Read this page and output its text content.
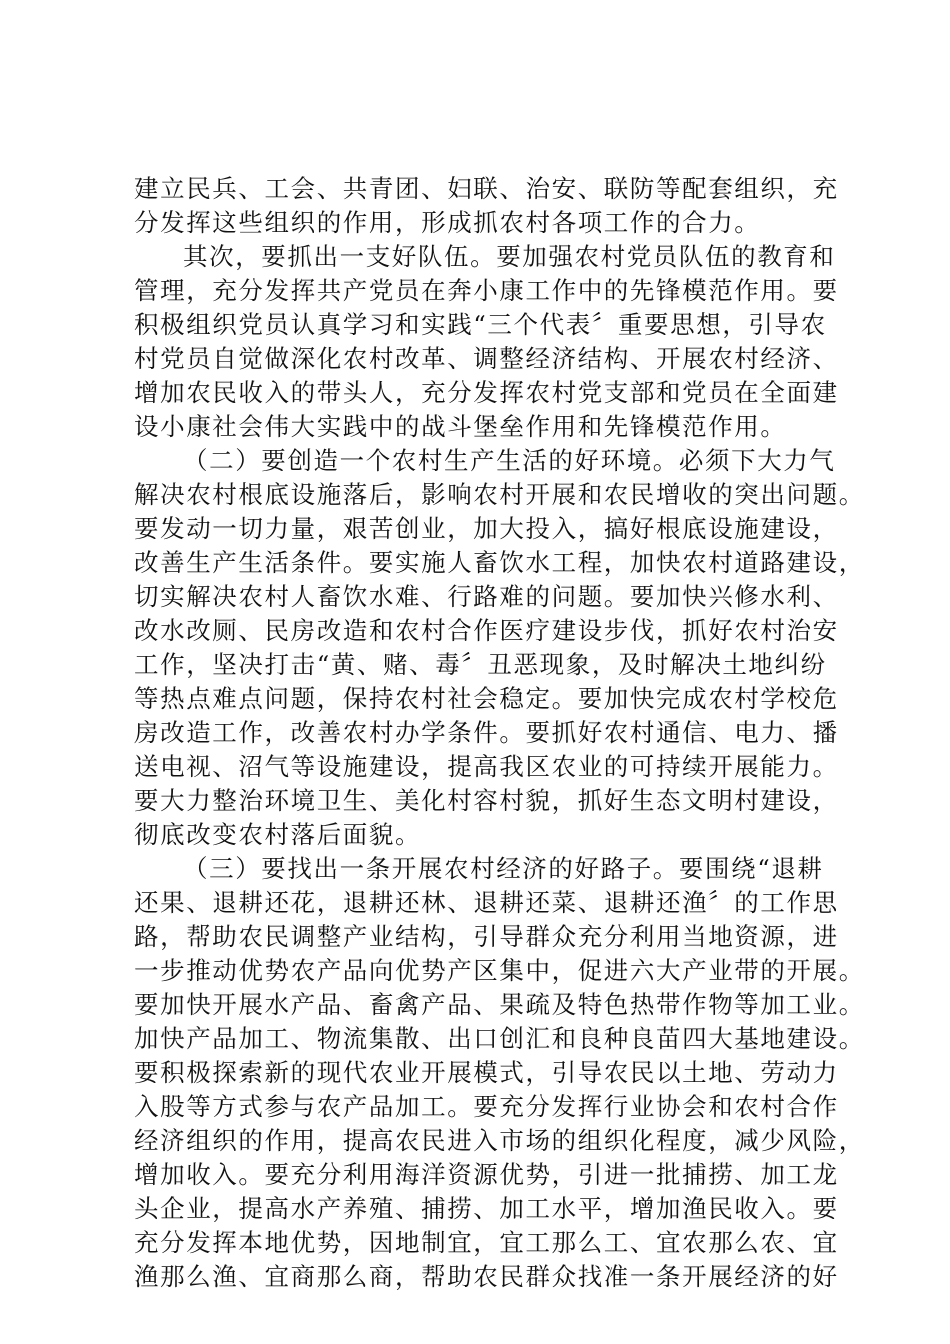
建立民兵、工会、共青团、妇联、治安、联防等配套组织，充
分发挥这些组织的作用，形成抓农村各项工作的合力。
其次，要抓出一支好队伍。要加强农村党员队伍的教育和
管理，充分发挥共产党员在奔小康工作中的先锋模范作用。要
积极组织党员认真学习和实践“三个代表〞重要思想，引导农
村党员自觉做深化农村改革、调整经济结构、开展农村经济、
增加农民收入的带头人，充分发挥农村党支部和党员在全面建
设小康社会伟大实践中的战斗堡垒作用和先锋模范作用。
（二）要创造一个农村生产生活的好环境。必须下大力气
解决农村根底设施落后，影响农村开展和农民增收的突出问题。
要发动一切力量，艰苦创业，加大投入，搞好根底设施建设，
改善生产生活条件。要实施人畜饮水工程，加快农村道路建设，
切实解决农村人畜饮水难、行路难的问题。要加快兴修水利、
改水改厕、民房改造和农村合作医疗建设步伐，抓好农村治安
工作，坚决打击“黄、赌、毒〞丑恶现象，及时解决土地纠纷
等热点难点问题，保持农村社会稳定。要加快完成农村学校危
房改造工作，改善农村办学条件。要抓好农村通信、电力、播
送电视、沼气等设施建设，提高我区农业的可持续开展能力。
要大力整治环境卫生、美化村容村貌，抓好生态文明村建设，
彻底改变农村落后面貌。
（三）要找出一条开展农村经济的好路子。要围绕“退耕
还果、退耕还花，退耕还林、退耕还菜、退耕还渔〞的工作思
路，帮助农民调整产业结构，引导群众充分利用当地资源，进
一步推动优势农产品向优势产区集中，促进六大产业带的开展。
要加快开展水产品、畜禽产品、果疏及特色热带作物等加工业。
加快产品加工、物流集散、出口创汇和良种良苗四大基地建设。
要积极探索新的现代农业开展模式，引导农民以土地、劳动力
入股等方式参与农产品加工。要充分发挥行业协会和农村合作
经济组织的作用，提高农民进入市场的组织化程度，减少风险，
增加收入。要充分利用海洋资源优势，引进一批捕捞、加工龙
头企业，提高水产养殖、捕捞、加工水平，增加渔民收入。要
充分发挥本地优势，因地制宜，宜工那么工、宜农那么农、宜
渔那么渔、宜商那么商，帮助农民群众找准一条开展经济的好
